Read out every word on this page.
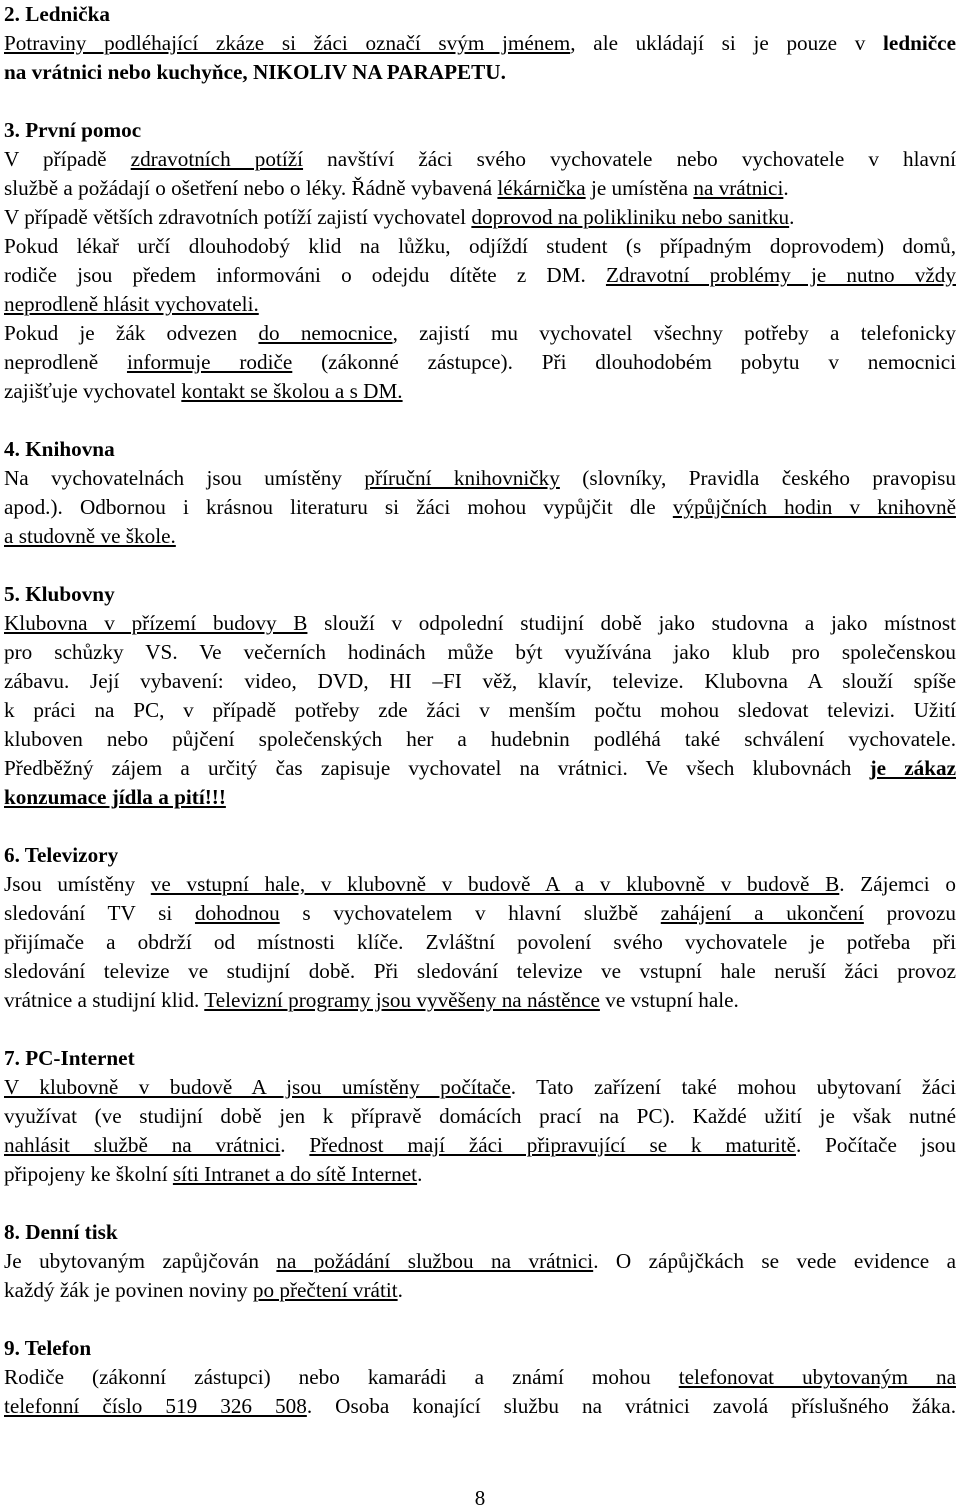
2. Lednička

Potraviny podléhající zkáze si žáci označí svým jménem, ale ukládají si je pouze v ledničce

na vrátnici nebo kuchyňce, NIKOLIV NA PARAPETU.

3. První pomoc

V případě zdravotních potíží navštíví žáci svého vychovatele nebo vychovatele v hlavní

službě a požádají o ošetření nebo o léky. Řádně vybavená lékárnička je umístěna na vrátnici.

V případě větších zdravotních potíží zajistí vychovatel doprovod na polikliniku nebo sanitku.

Pokud lékař určí dlouhodobý klid na lůžku, odjíždí student (s případným doprovodem) domů,

rodiče jsou předem informováni o odejdu dítěte z DM. Zdravotní problémy je nutno vždy

neprodleně hlásit vychovateli.

Pokud je žák odvezen do nemocnice, zajistí mu vychovatel všechny potřeby a telefonicky

neprodleně informuje rodiče (zákonné zástupce). Při dlouhodobém pobytu v nemocnici

zajišťuje vychovatel kontakt se školou a s DM.

4. Knihovna

Na vychovatelnách jsou umístěny příruční knihovničky (slovníky, Pravidla českého pravopisu

apod.). Odbornou i krásnou literaturu si žáci mohou vypůjčit dle výpůjčních hodin v knihovně

a studovně ve škole.

5. Klubovny

Klubovna v přízemí budovy B slouží v odpolední studijní době jako studovna a jako místnost

pro schůzky VS. Ve večerních hodinách může být využívána jako klub pro společenskou

zábavu. Její vybavení: video, DVD, HI –FI věž, klavír, televize. Klubovna A slouží spíše

k práci na PC, v případě potřeby zde žáci v menším počtu mohou sledovat televizi. Užití

kluboven nebo půjčení společenských her a hudebnin podléhá také schválení vychovatele.

Předběžný zájem a určitý čas zapisuje vychovatel na vrátnici. Ve všech klubovnách je zákaz

konzumace jídla a pití!!!

6. Televizory

Jsou umístěny ve vstupní hale, v klubovně v budově A a v klubovně v budově B. Zájemci o

sledování TV si dohodnou s vychovatelem v hlavní službě zahájení a ukončení provozu

přijímače a obdrží od místnosti klíče. Zvláštní povolení svého vychovatele je potřeba při

sledování televize ve studijní době. Při sledování televize ve vstupní hale neruší žáci provoz

vrátnice a studijní klid. Televizní programy jsou vyvěšeny na nástěnce ve vstupní hale.

7. PC-Internet

V klubovně v budově A jsou umístěny počítače. Tato zařízení také mohou ubytovaní žáci

využívat (ve studijní době jen k přípravě domácích prací na PC). Každé užití je však nutné

nahlásit službě na vrátnici. Přednost mají žáci připravující se k maturitě. Počítače jsou

připojeny ke školní síti Intranet a do sítě Internet.

8. Denní tisk

Je ubytovaným zapůjčován na požádání službou na vrátnici. O zápůjčkách se vede evidence a

každý žák je povinen noviny po přečtení vrátit.

9. Telefon

Rodiče (zákonní zástupci) nebo kamarádi a známí mohou telefonovat ubytovaným na

telefonní číslo 519 326 508. Osoba konající službu na vrátnici zavolá příslušného žáka.

8
